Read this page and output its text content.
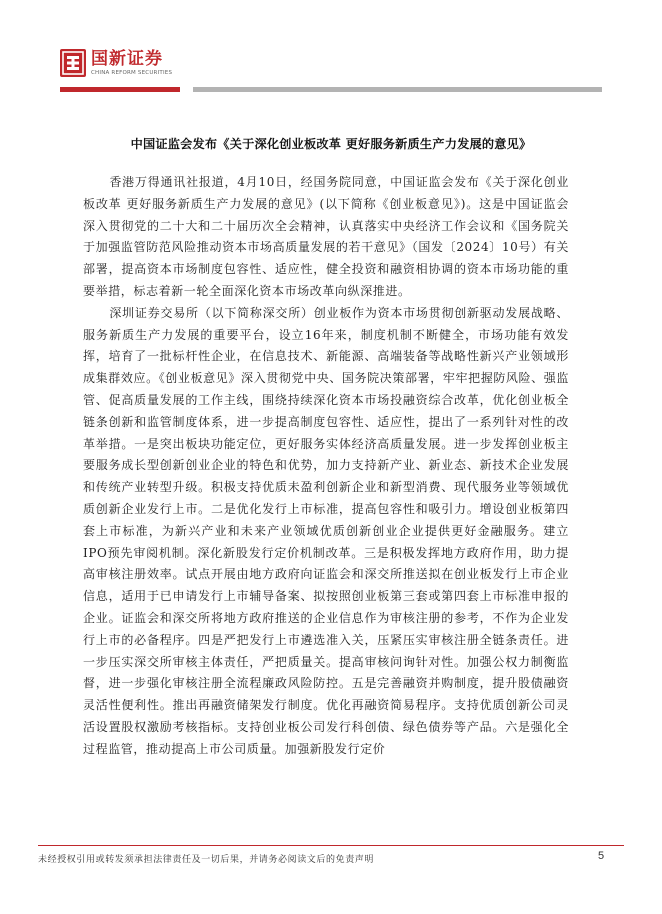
国新证券
CHINA REFORM SECURITIES
中国证监会发布《关于深化创业板改革 更好服务新质生产力发展的意见》

香港万得通讯社报道，4月10日，经国务院同意，中国证监会发布《关于深化创业板改革 更好服务新质生产力发展的意见》(以下简称《创业板意见》)。这是中国证监会深入贯彻党的二十大和二十届历次全会精神，认真落实中央经济工作会议和《国务院关于加强监管防范风险推动资本市场高质量发展的若干意见》（国发〔2024〕10号）有关部署，提高资本市场制度包容性、适应性，健全投资和融资相协调的资本市场功能的重要举措，标志着新一轮全面深化资本市场改革向纵深推进。

深圳证券交易所（以下简称深交所）创业板作为资本市场贯彻创新驱动发展战略、服务新质生产力发展的重要平台，设立16年来，制度机制不断健全，市场功能有效发挥，培育了一批标杆性企业，在信息技术、新能源、高端装备等战略性新兴产业领域形成集群效应。《创业板意见》深入贯彻党中央、国务院决策部署，牢牢把握防风险、强监管、促高质量发展的工作主线，围绕持续深化资本市场投融资综合改革，优化创业板全链条创新和监管制度体系，进一步提高制度包容性、适应性，提出了一系列针对性的改革举措。一是突出板块功能定位，更好服务实体经济高质量发展。进一步发挥创业板主要服务成长型创新创业企业的特色和优势，加力支持新产业、新业态、新技术企业发展和传统产业转型升级。积极支持优质未盈利创新企业和新型消费、现代服务业等领域优质创新企业发行上市。二是优化发行上市标准，提高包容性和吸引力。增设创业板第四套上市标准，为新兴产业和未来产业领域优质创新创业企业提供更好金融服务。建立IPO预先审阅机制。深化新股发行定价机制改革。三是积极发挥地方政府作用，助力提高审核注册效率。试点开展由地方政府向证监会和深交所推送拟在创业板发行上市企业信息，适用于已申请发行上市辅导备案、拟按照创业板第三套或第四套上市标准申报的企业。证监会和深交所将地方政府推送的企业信息作为审核注册的参考，不作为企业发行上市的必备程序。四是严把发行上市遴选准入关，压紧压实审核注册全链条责任。进一步压实深交所审核主体责任，严把质量关。提高审核问询针对性。加强公权力制衡监督，进一步强化审核注册全流程廉政风险防控。五是完善融资并购制度，提升股债融资灵活性便利性。推出再融资储架发行制度。优化再融资简易程序。支持优质创新公司灵活设置股权激励考核指标。支持创业板公司发行科创债、绿色债券等产品。六是强化全过程监管，推动提高上市公司质量。加强新股发行定价

未经授权引用或转发须承担法律责任及一切后果，并请务必阅读文后的免责声明	5
